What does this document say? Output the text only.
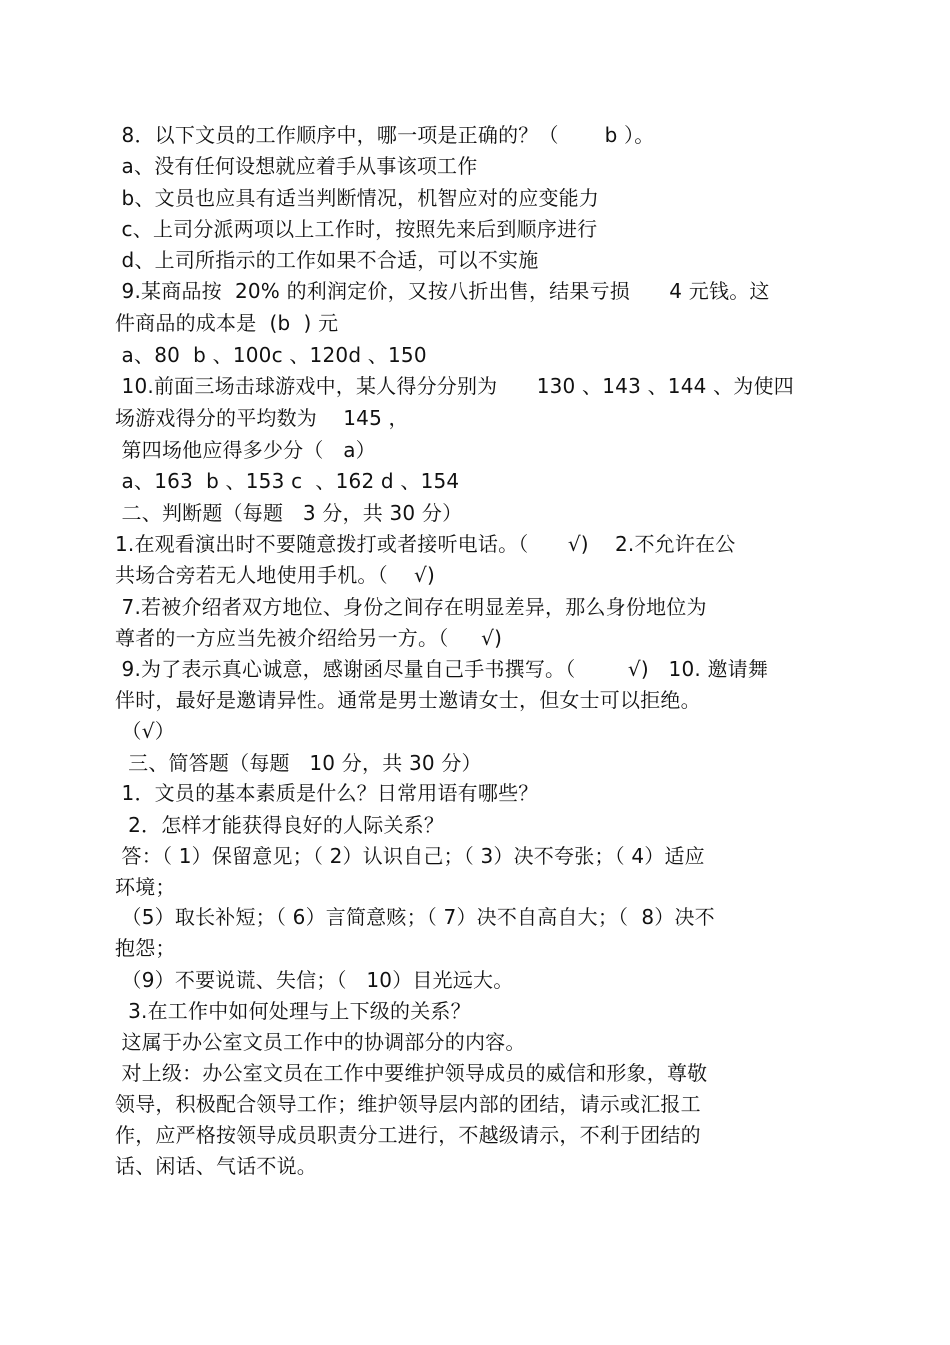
8．以下文员的工作顺序中，哪一项是正确的？（       b ）。
a、没有任何设想就应着手从事该项工作
b、文员也应具有适当判断情况，机智应对的应变能力
c、上司分派两项以上工作时，按照先来后到顺序进行
d、上司所指示的工作如果不合适，可以不实施
9.某商品按  20% 的利润定价，又按八折出售，结果亏损      4 元钱。这
件商品的成本是  (b  ) 元
a、80  b 、100c 、120d 、150
10.前面三场击球游戏中，某人得分分别为      130 、143 、144 、为使四
场游戏得分的平均数为    145 ，
第四场他应得多少分（   a）
a、163  b 、153 c  、162 d 、154
二、判断题（每题   3 分，共 30 分）
1.在观看演出时不要随意拨打或者接听电话。（      √)    2.不允许在公
共场合旁若无人地使用手机。（    √)
7.若被介绍者双方地位、身份之间存在明显差异，那么身份地位为
尊者的一方应当先被介绍给另一方。（     √)
9.为了表示真心诚意，感谢函尽量自己手书撰写。（        √)   10. 邀请舞
伴时，最好是邀请异性。通常是男士邀请女士，但女士可以拒绝。
（√）
三、简答题（每题   10 分，共 30 分）
1．文员的基本素质是什么？日常用语有哪些？
2．怎样才能获得良好的人际关系？
答：（ 1）保留意见；（ 2）认识自己；（ 3）决不夸张；（ 4）适应
环境；
（5）取长补短；（ 6）言简意赅；（ 7）决不自高自大；（  8）决不
抱怨；
（9）不要说谎、失信；（   10）目光远大。
3.在工作中如何处理与上下级的关系？
这属于办公室文员工作中的协调部分的内容。
对上级：办公室文员在工作中要维护领导成员的威信和形象，尊敬
领导，积极配合领导工作；维护领导层内部的团结，请示或汇报工
作，应严格按领导成员职责分工进行，不越级请示，不利于团结的
话、闲话、气话不说。
